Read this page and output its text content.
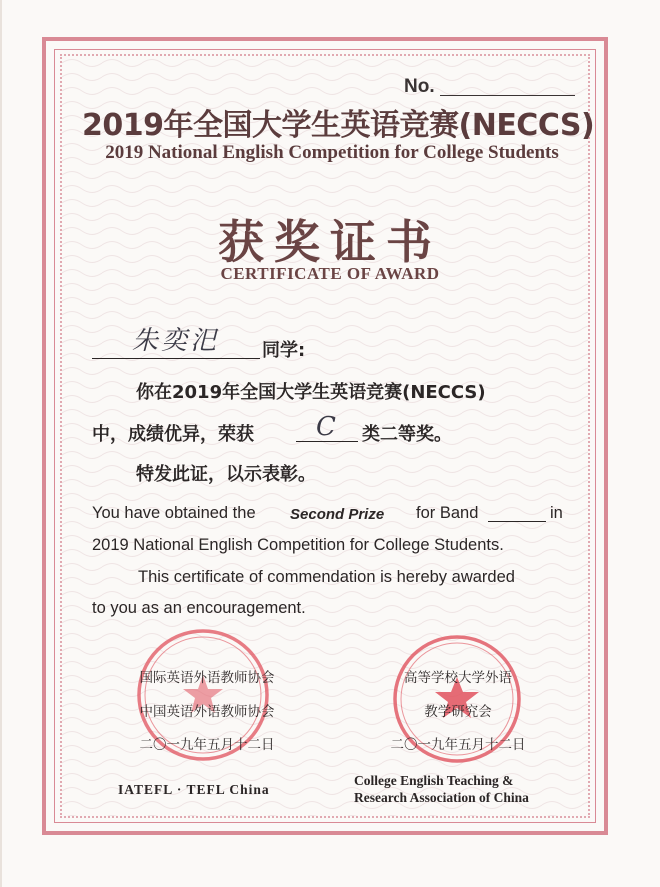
No.
2019年全国大学生英语竞赛(NECCS)
2019 National English Competition for College Students
获奖证书
CERTIFICATE OF AWARD
朱奕汜 同学:
你在2019年全国大学生英语竞赛(NECCS)
中，成绩优异，荣获 C 类二等奖。
特发此证，以示表彰。
You have obtained the Second Prize for Band	in
2019 National English Competition for College Students.
This certificate of commendation is hereby awarded
to you as an encouragement.
国际英语外语教师协会
中国英语外语教师协会
二〇一九年五月十二日
高等学校大学外语
教学研究会
二〇一九年五月十二日
IATEFL · TEFL China
College English Teaching &
Research Association of China
